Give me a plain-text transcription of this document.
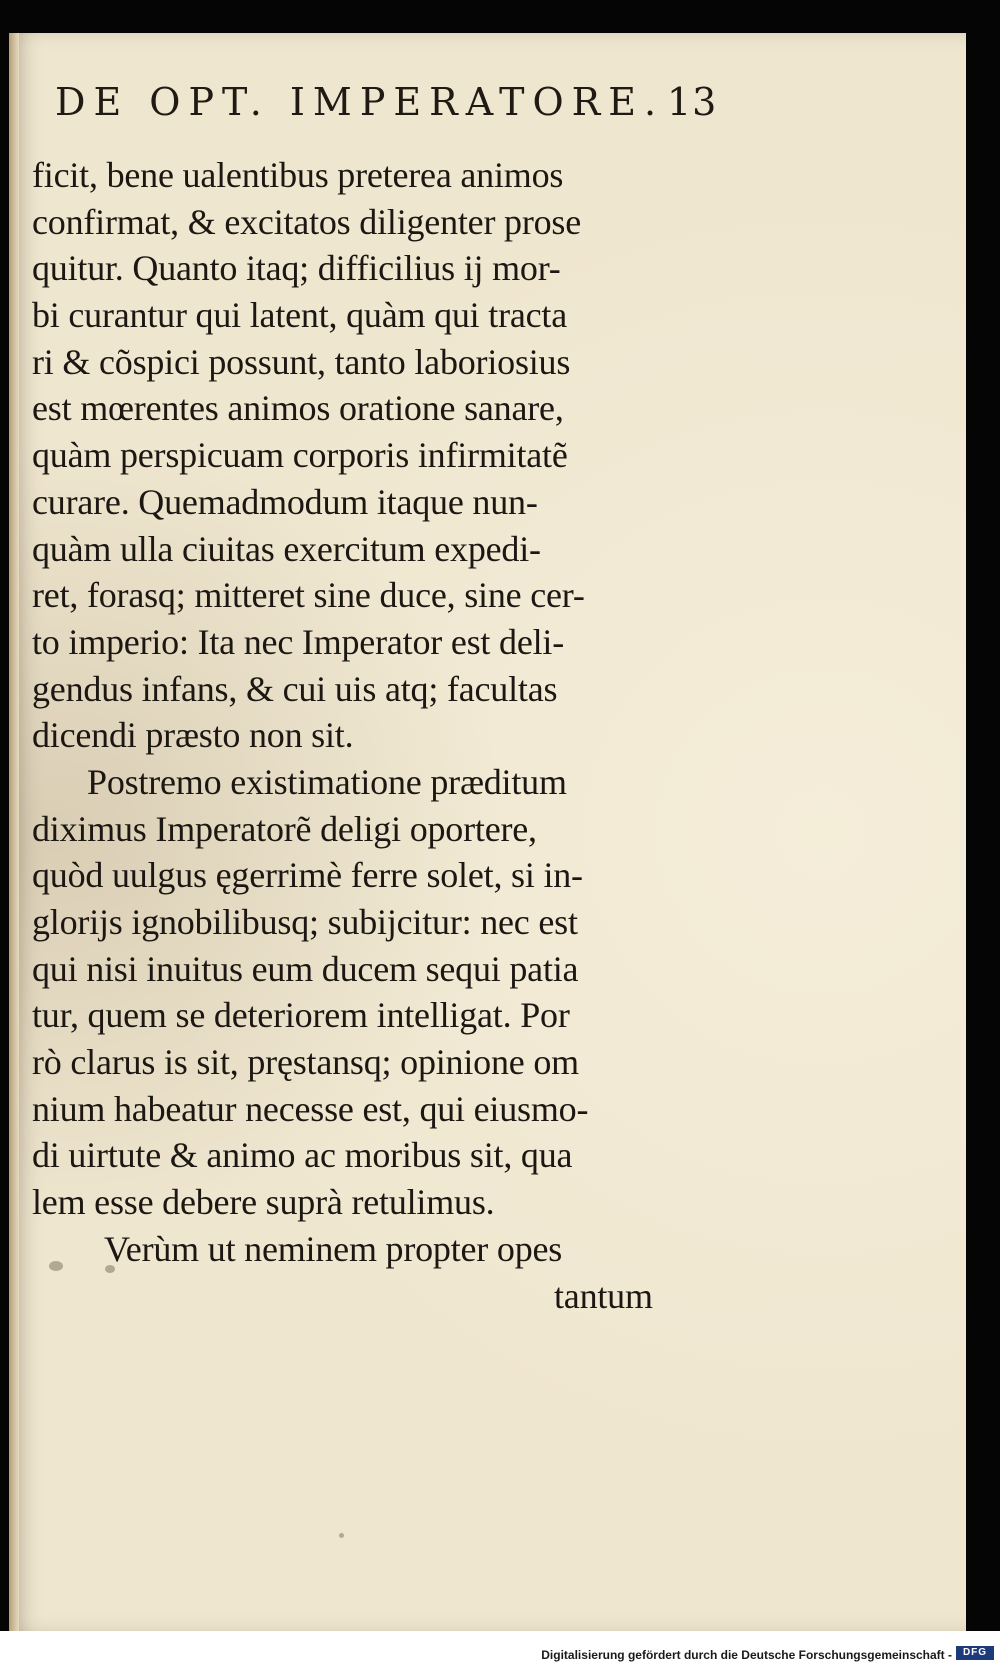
DE OPT. IMPERATORE. 13
ficit, bene ualentibus preterea animos
confirmat, & excitatos diligenter prose
quitur. Quanto itaq; difficilius ij mor-
bi curantur qui latent, quàm qui tracta
ri & cõspici possunt, tanto laboriosius
est mœrentes animos oratione sanare,
quàm perspicuam corporis infirmitatẽ
curare. Quemadmodum itaque nun-
quàm ulla ciuitas exercitum expedi-
ret, forasq; mitteret sine duce, sine cer-
to imperio: Ita nec Imperator est deli-
gendus infans, & cui uis atq; facultas
dicendi præsto non sit.
Postremo existimatione præditum
diximus Imperatorẽ deligi oportere,
quòd uulgus ęgerrimè ferre solet, si in-
glorijs ignobilibusq; subijcitur: nec est
qui nisi inuitus eum ducem sequi patia
tur, quem se deteriorem intelligat. Por
rò clarus is sit, pręstansq; opinione om
nium habeatur necesse est, qui eiusmo-
di uirtute & animo ac moribus sit, qua
lem esse debere suprà retulimus.
Verùm ut neminem propter opes
tantum
Digitalisierung gefördert durch die Deutsche Forschungsgemeinschaft -	DFG
